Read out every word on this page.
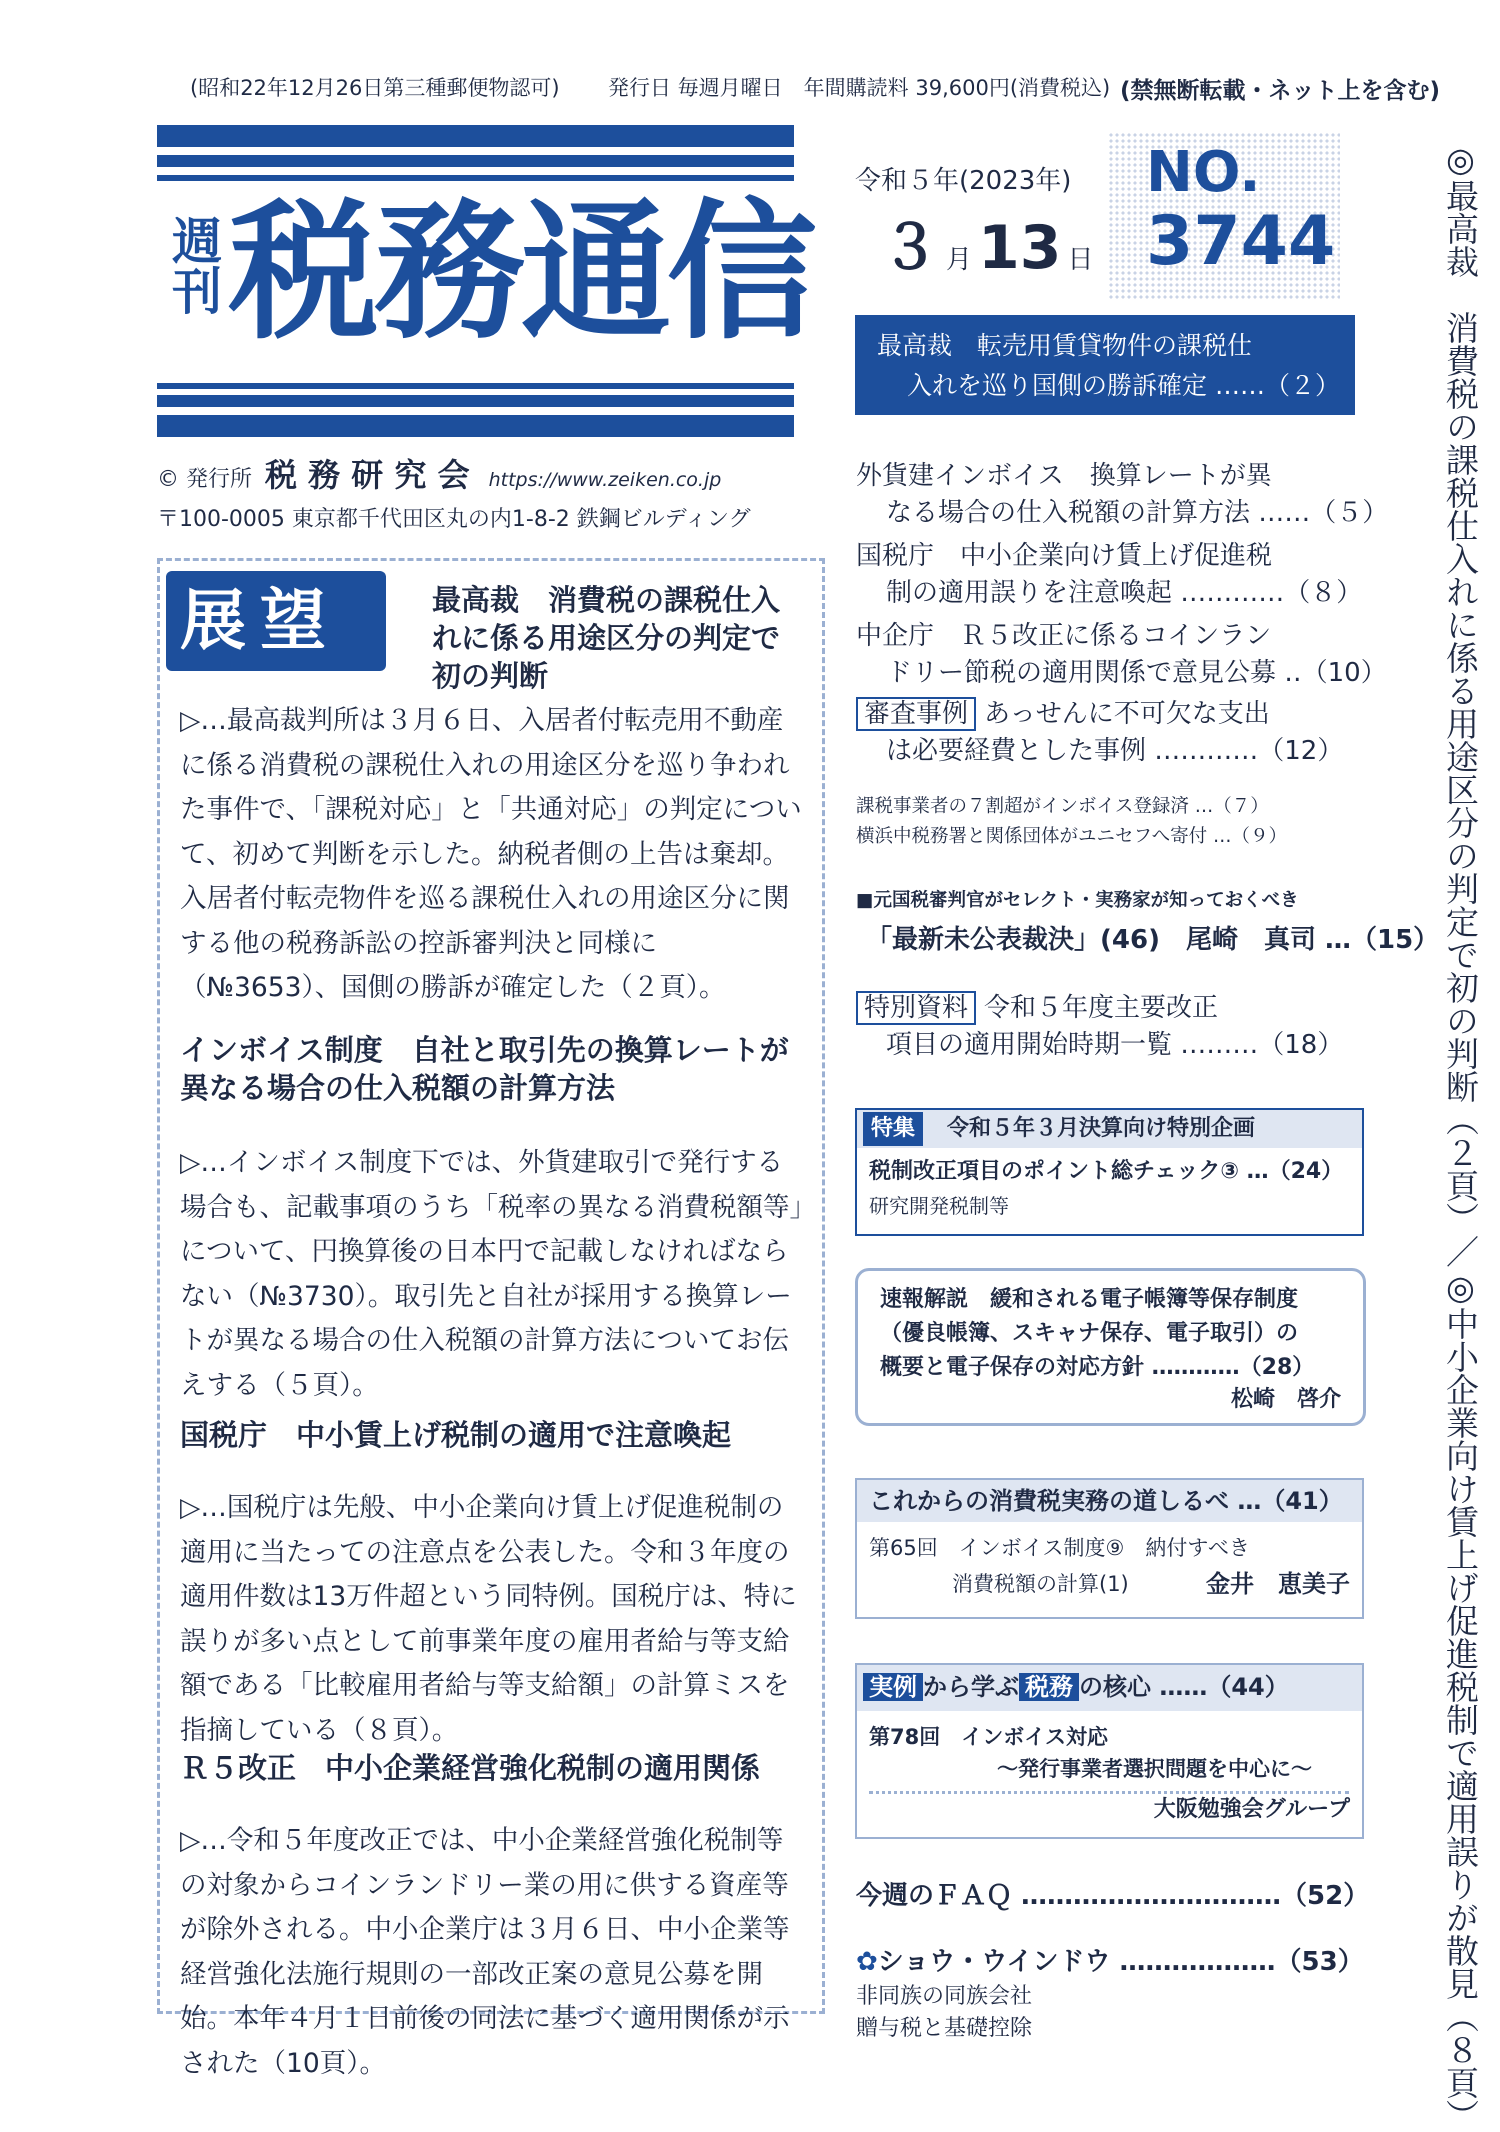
(昭和22年12月26日第三種郵便物認可) 発行日 毎週月曜日　年間購読料 39,600円(消費税込) (禁無断転載・ネット上を含む)
週刊 税務通信
© 発行所 税 務 研 究 会 https://www.zeiken.co.jp
〒100-0005 東京都千代田区丸の内1-8-2 鉄鋼ビルディング
令和５年(2023年)
３ 月 13 日
NO.
3744
展望	最高裁　消費税の課税仕入れに係る用途区分の判定で初の判断
▷…最高裁判所は３月６日、入居者付転売用不動産に係る消費税の課税仕入れの用途区分を巡り争われた事件で、「課税対応」と「共通対応」の判定について、初めて判断を示した。納税者側の上告は棄却。入居者付転売物件を巡る課税仕入れの用途区分に関する他の税務訴訟の控訴審判決と同様に（№3653）、国側の勝訴が確定した（２頁）。
インボイス制度　自社と取引先の換算レートが異なる場合の仕入税額の計算方法
▷…インボイス制度下では、外貨建取引で発行する場合も、記載事項のうち「税率の異なる消費税額等」について、円換算後の日本円で記載しなければならない（№3730）。取引先と自社が採用する換算レートが異なる場合の仕入税額の計算方法についてお伝えする（５頁）。
国税庁　中小賃上げ税制の適用で注意喚起
▷…国税庁は先般、中小企業向け賃上げ促進税制の適用に当たっての注意点を公表した。令和３年度の適用件数は13万件超という同特例。国税庁は、特に誤りが多い点として前事業年度の雇用者給与等支給額である「比較雇用者給与等支給額」の計算ミスを指摘している（８頁）。
Ｒ５改正　中小企業経営強化税制の適用関係
▷…令和５年度改正では、中小企業経営強化税制等の対象からコインランドリー業の用に供する資産等が除外される。中小企業庁は３月６日、中小企業等経営強化法施行規則の一部改正案の意見公募を開始。本年４月１日前後の同法に基づく適用関係が示された（10頁）。
最高裁　転売用賃貸物件の課税仕
入れを巡り国側の勝訴確定 ……（２）
外貨建インボイス　換算レートが異
なる場合の仕入税額の計算方法 ……（５）
国税庁　中小企業向け賃上げ促進税
制の適用誤りを注意喚起 …………（８）
中企庁　Ｒ５改正に係るコインラン
ドリー節税の適用関係で意見公募 ‥（10）
審査事例 あっせんに不可欠な支出
は必要経費とした事例 …………（12）
課税事業者の７割超がインボイス登録済 …（７）
横浜中税務署と関係団体がユニセフへ寄付 …（９）
■元国税審判官がセレクト・実務家が知っておくべき
「最新未公表裁決」(46)　尾崎　真司 …（15）
特別資料 令和５年度主要改正
項目の適用開始時期一覧 ………（18）
特集	令和５年３月決算向け特別企画
税制改正項目のポイント総チェック③ …（24）
研究開発税制等
速報解説　緩和される電子帳簿等保存制度
（優良帳簿、スキャナ保存、電子取引）の
概要と電子保存の対応方針 …………（28）
松崎　啓介
これからの消費税実務の道しるべ …（41）
第65回　インボイス制度⑨　納付すべき
消費税額の計算(1)	金井　恵美子
実例 から学ぶ 税務 の核心 ……（44）
第78回　インボイス対応
～発行事業者選択問題を中心に～
大阪勉強会グループ
今週のＦＡＱ …………………………（52）
✿ショウ・ウインドウ ………………（53）
非同族の同族会社
贈与税と基礎控除	◎最高裁　消費税の課税仕入れに係る用途区分の判定で初の判断（２頁）／◎中小企業向け賃上げ促進税制で適用誤りが散見（８頁）
